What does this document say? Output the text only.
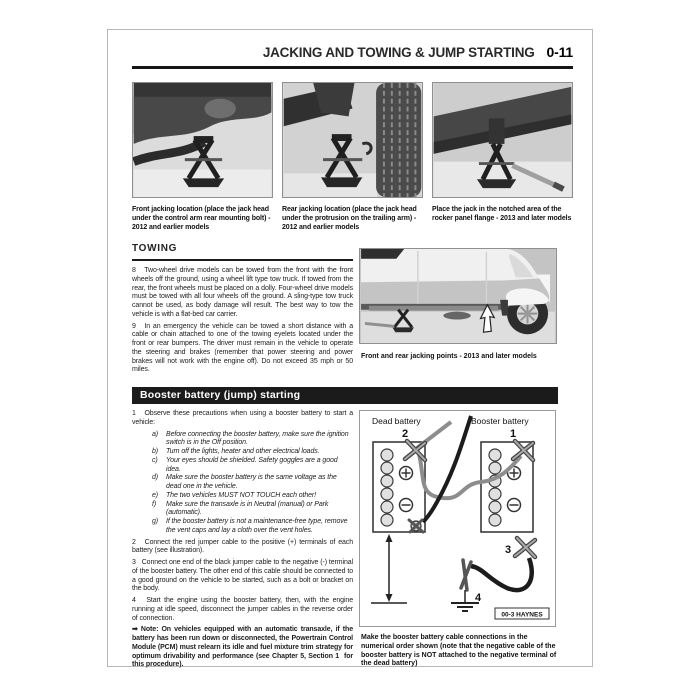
JACKING AND TOWING & JUMP STARTING 0-11
Front jacking location (place the jack head under the control arm rear mounting bolt) - 2012 and earlier models
Rear jacking location (place the jack head under the protrusion on the trailing arm) - 2012 and earlier models
Place the jack in the notched area of the rocker panel flange - 2013 and later models
TOWING

8   Two-wheel drive models can be towed from the front with the front wheels off the ground, using a wheel lift type tow truck. If towed from the rear, the front wheels must be placed on a dolly. Four-wheel drive models must be towed with all four wheels off the ground. A sling-type tow truck cannot be used, as body damage will result. The best way to tow the vehicle is with a flat-bed car carrier.

9   In an emergency the vehicle can be towed a short distance with a cable or chain attached to one of the towing eyelets located under the front or rear bumpers. The driver must remain in the vehicle to operate the steering and brakes (remember that power steering and power brakes will not work with the engine off). Do not exceed 35 mph or 50 miles.

Front and rear jacking points - 2013 and later models
Booster battery (jump) starting

1   Observe these precautions when using a booster battery to start a vehicle:

a)	Before connecting the booster battery, make sure the ignition switch is in the Off position.
b)	Turn off the lights, heater and other electrical loads.
c)	Your eyes should be shielded. Safety goggles are a good idea.
d)	Make sure the booster battery is the same voltage as the dead one in the vehicle.
e)	The two vehicles MUST NOT TOUCH each other!
f)	Make sure the transaxle is in Neutral (manual) or Park (automatic).
g)	If the booster battery is not a maintenance-free type, remove the vent caps and lay a cloth over the vent holes.

2   Connect the red jumper cable to the positive (+) terminals of each battery (see illustration).

3   Connect one end of the black jumper cable to the negative (-) terminal of the booster battery. The other end of this cable should be connected to a good ground on the vehicle to be started, such as a bolt or bracket on the body.

4   Start the engine using the booster battery, then, with the engine running at idle speed, disconnect the jumper cables in the reverse order of connection.

➡ Note: On vehicles equipped with an automatic transaxle, if the battery has been run down or disconnected, the Powertrain Control Module (PCM) must relearn its idle and fuel mixture trim strategy for optimum drivability and performance (see Chapter 5, Section 1  for this procedure).

Dead battery	Booster battery
2	1
3
4
00-3 HAYNES
Make the booster battery cable connections in the numerical order shown (note that the negative cable of the booster battery is NOT attached to the negative terminal of the dead battery)
